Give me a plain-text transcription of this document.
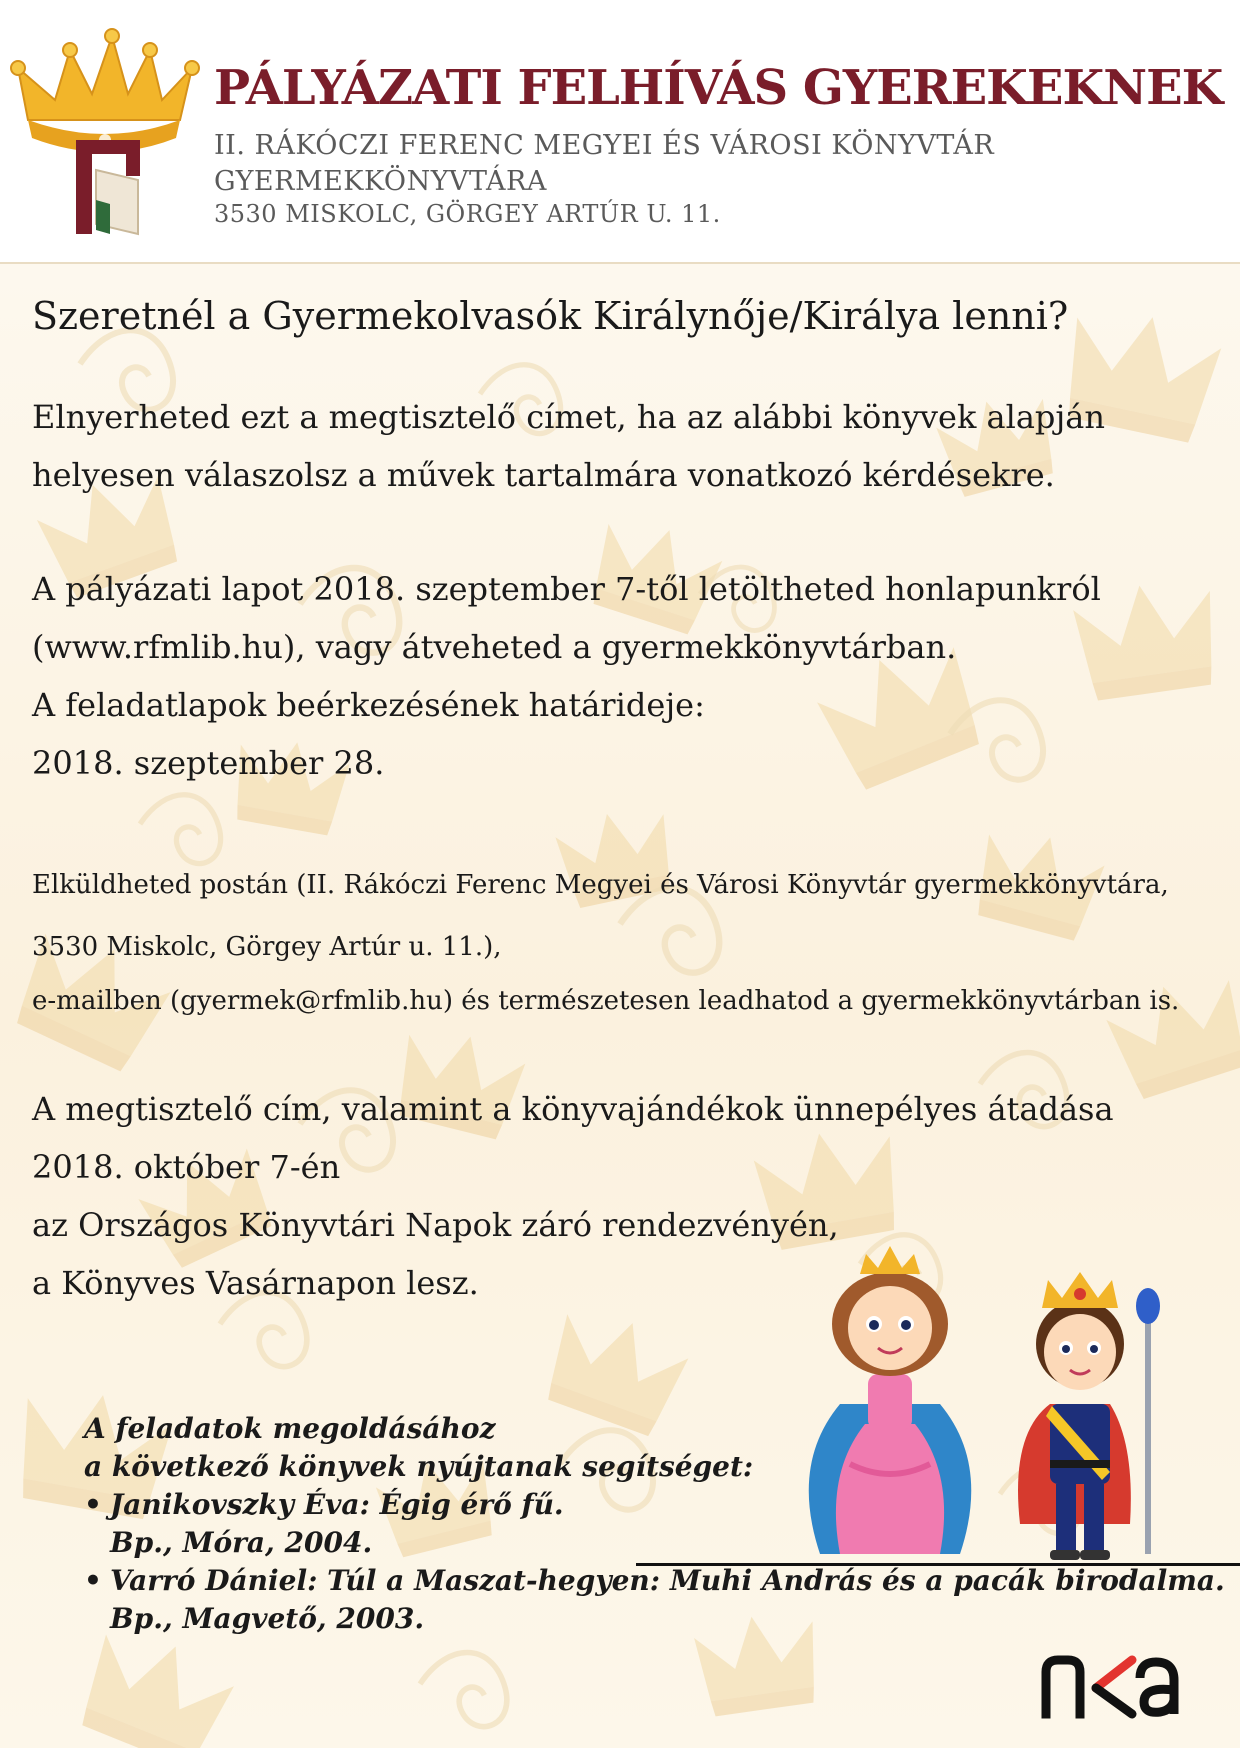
PÁLYÁZATI FELHÍVÁS GYEREKEKNEK

II. RÁKÓCZI FERENC MEGYEI ÉS VÁROSI KÖNYVTÁR

GYERMEKKÖNYVTÁRA

3530 MISKOLC, GÖRGEY ARTÚR U. 11.

Szeretnél a Gyermekolvasók Királynője/Királya lenni?

Elnyerheted ezt a megtisztelő címet, ha az alábbi könyvek alapján

helyesen válaszolsz a művek tartalmára vonatkozó kérdésekre.

A pályázati lapot 2018. szeptember 7-től letöltheted honlapunkról

(www.rfmlib.hu), vagy átveheted a gyermekkönyvtárban.

A feladatlapok beérkezésének határideje:

2018. szeptember 28.

Elküldheted postán (II. Rákóczi Ferenc Megyei és Városi Könyvtár gyermekkönyvtára,

3530 Miskolc, Görgey Artúr u. 11.),

e-mailben (gyermek@rfmlib.hu) és természetesen leadhatod a gyermekkönyvtárban is.

A megtisztelő cím, valamint a könyvajándékok ünnepélyes átadása

2018. október 7-én

az Országos Könyvtári Napok záró rendezvényén,

a Könyves Vasárnapon lesz.

A feladatok megoldásához
a következő könyvek nyújtanak segítséget:
• Janikovszky Éva: Égig érő fű.
Bp., Móra, 2004.
• Varró Dániel: Túl a Maszat-hegyen: Muhi András és a pacák birodalma.
Bp., Magvető, 2003.
